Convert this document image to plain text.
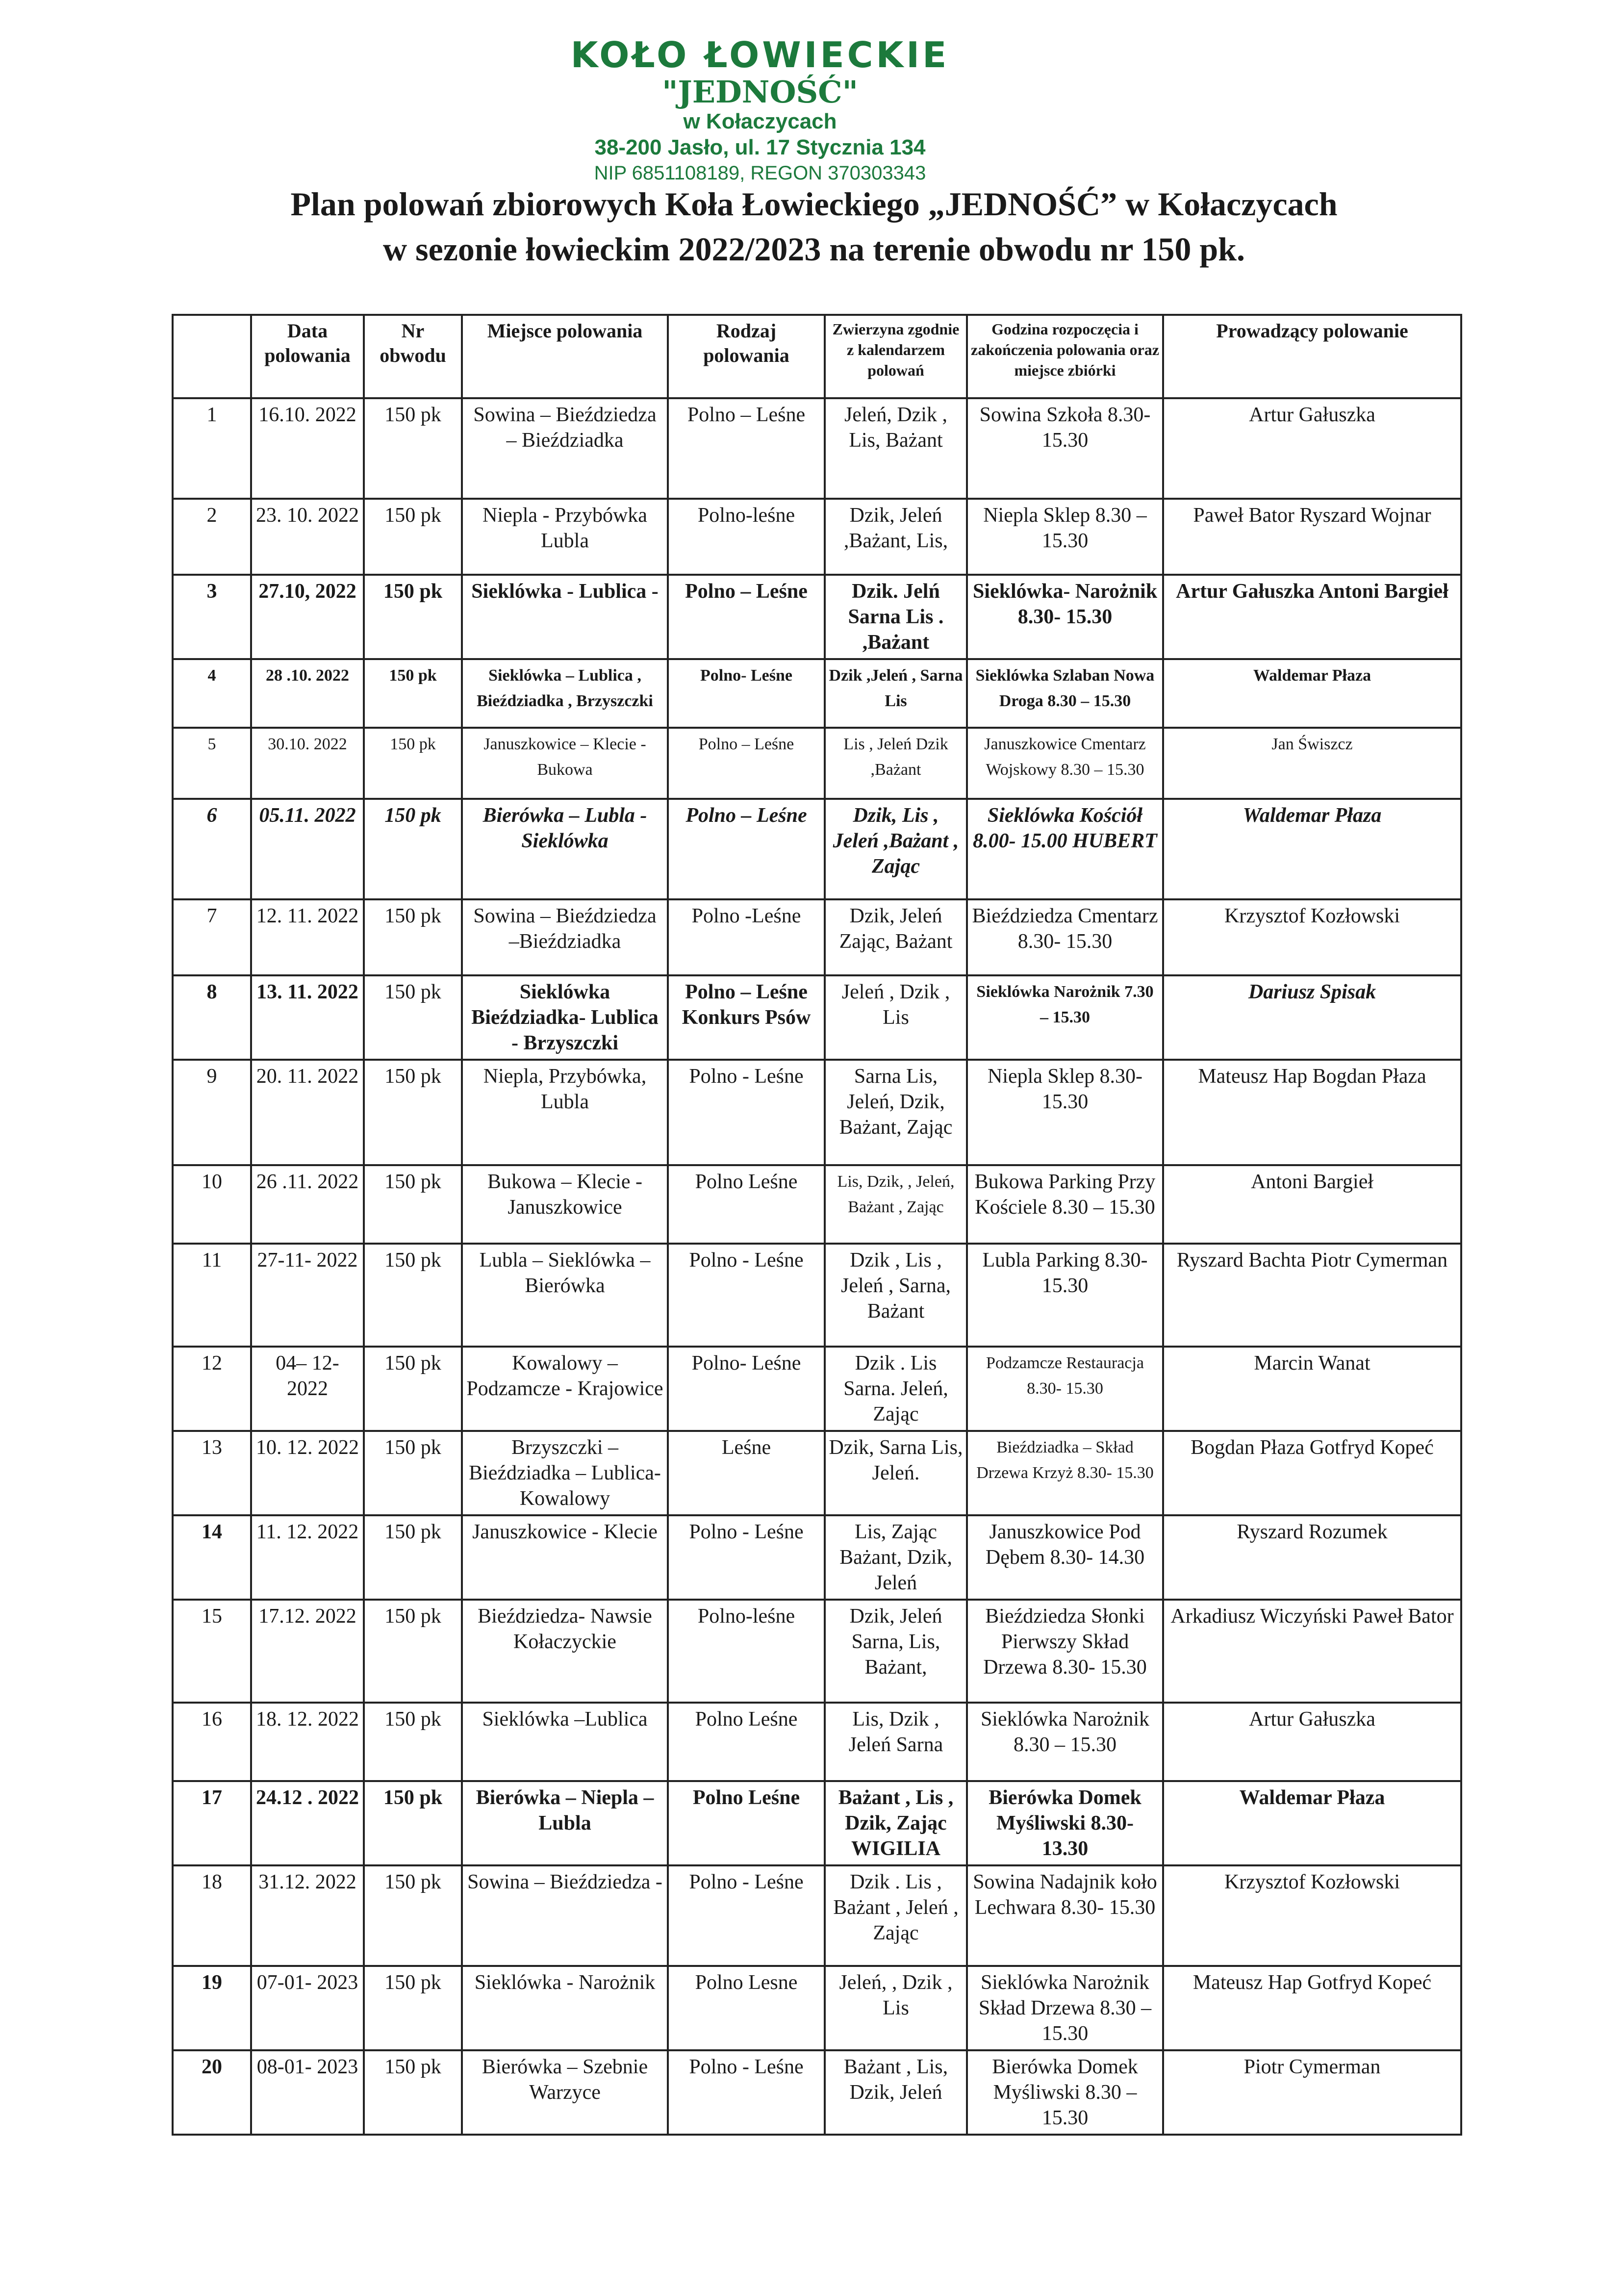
KOŁO ŁOWIECKIE
"JEDNOŚĆ"
w Kołaczycach
38-200 Jasło, ul. 17 Stycznia 134
NIP 6851108189, REGON 370303343
Plan polowań zbiorowych Koła Łowieckiego „JEDNOŚĆ” w Kołaczycach
w sezonie łowieckim 2022/2023 na terenie obwodu nr 150 pk.
	Data polowania	Nr obwodu	Miejsce polowania	Rodzaj polowania	Zwierzyna zgodnie z kalendarzem polowań	Godzina rozpoczęcia i zakończenia polowania oraz miejsce zbiórki	Prowadzący polowanie
1	16.10. 2022	150 pk	Sowina – Bieździedza – Bieździadka	Polno – Leśne	Jeleń, Dzik , Lis, Bażant	Sowina Szkoła 8.30- 15.30	Artur Gałuszka
2	23. 10. 2022	150 pk	Niepla - Przybówka Lubla	Polno-leśne	Dzik, Jeleń ,Bażant, Lis,	Niepla Sklep 8.30 – 15.30	Paweł Bator Ryszard Wojnar
3	27.10, 2022	150 pk	Sieklówka - Lublica -	Polno – Leśne	Dzik. Jelń Sarna Lis . ,Bażant	Sieklówka- Narożnik 8.30- 15.30	Artur Gałuszka Antoni Bargieł
4	28 .10. 2022	150 pk	Sieklówka – Lublica , Bieździadka , Brzyszczki	Polno- Leśne	Dzik ,Jeleń , Sarna Lis	Sieklówka Szlaban Nowa Droga 8.30 – 15.30	Waldemar Płaza
5	30.10. 2022	150 pk	Januszkowice – Klecie - Bukowa	Polno – Leśne	Lis , Jeleń Dzik ,Bażant	Januszkowice Cmentarz Wojskowy 8.30 – 15.30	Jan Świszcz
6	05.11. 2022	150 pk	Bierówka – Lubla - Sieklówka	Polno – Leśne	Dzik, Lis , Jeleń ,Bażant , Zając	Sieklówka Kościół 8.00- 15.00 HUBERT	Waldemar Płaza
7	12. 11. 2022	150 pk	Sowina – Bieździedza –Bieździadka	Polno -Leśne	Dzik, Jeleń Zając, Bażant	Bieździedza Cmentarz 8.30- 15.30	Krzysztof Kozłowski
8	13. 11. 2022	150 pk	Sieklówka Bieździadka- Lublica - Brzyszczki	Polno – Leśne Konkurs Psów	Jeleń , Dzik , Lis	Sieklówka Narożnik 7.30 – 15.30	Dariusz Spisak
9	20. 11. 2022	150 pk	Niepla, Przybówka, Lubla	Polno - Leśne	Sarna Lis, Jeleń, Dzik, Bażant, Zając	Niepla Sklep 8.30- 15.30	Mateusz Hap Bogdan Płaza
10	26 .11. 2022	150 pk	Bukowa – Klecie - Januszkowice	Polno Leśne	Lis, Dzik, , Jeleń, Bażant , Zając	Bukowa Parking Przy Kościele 8.30 – 15.30	Antoni Bargieł
11	27-11- 2022	150 pk	Lubla – Sieklówka – Bierówka	Polno - Leśne	Dzik , Lis , Jeleń , Sarna, Bażant	Lubla Parking 8.30- 15.30	Ryszard Bachta Piotr Cymerman
12	04– 12- 2022	150 pk	Kowalowy – Podzamcze - Krajowice	Polno- Leśne	Dzik . Lis Sarna. Jeleń, Zając	Podzamcze Restauracja 8.30- 15.30	Marcin Wanat
13	10. 12. 2022	150 pk	Brzyszczki – Bieździadka – Lublica- Kowalowy	Leśne	Dzik, Sarna Lis, Jeleń.	Bieździadka – Skład Drzewa Krzyż 8.30- 15.30	Bogdan Płaza Gotfryd Kopeć
14	11. 12. 2022	150 pk	Januszkowice - Klecie	Polno - Leśne	Lis, Zając Bażant, Dzik, Jeleń	Januszkowice Pod Dębem 8.30- 14.30	Ryszard Rozumek
15	17.12. 2022	150 pk	Bieździedza- Nawsie Kołaczyckie	Polno-leśne	Dzik, Jeleń Sarna, Lis, Bażant,	Bieździedza Słonki Pierwszy Skład Drzewa 8.30- 15.30	Arkadiusz Wiczyński Paweł Bator
16	18. 12. 2022	150 pk	Sieklówka –Lublica	Polno Leśne	Lis, Dzik , Jeleń Sarna	Sieklówka Narożnik 8.30 – 15.30	Artur Gałuszka
17	24.12 . 2022	150 pk	Bierówka – Niepla – Lubla	Polno Leśne	Bażant , Lis , Dzik, Zając WIGILIA	Bierówka Domek Myśliwski 8.30- 13.30	Waldemar Płaza
18	31.12. 2022	150 pk	Sowina – Bieździedza -	Polno - Leśne	Dzik . Lis , Bażant , Jeleń , Zając	Sowina Nadajnik koło Lechwara 8.30- 15.30	Krzysztof Kozłowski
19	07-01- 2023	150 pk	Sieklówka - Narożnik	Polno Lesne	Jeleń, , Dzik , Lis	Sieklówka Narożnik Skład Drzewa 8.30 – 15.30	Mateusz Hap Gotfryd Kopeć
20	08-01- 2023	150 pk	Bierówka – Szebnie Warzyce	Polno - Leśne	Bażant , Lis, Dzik, Jeleń	Bierówka Domek Myśliwski 8.30 – 15.30	Piotr Cymerman
